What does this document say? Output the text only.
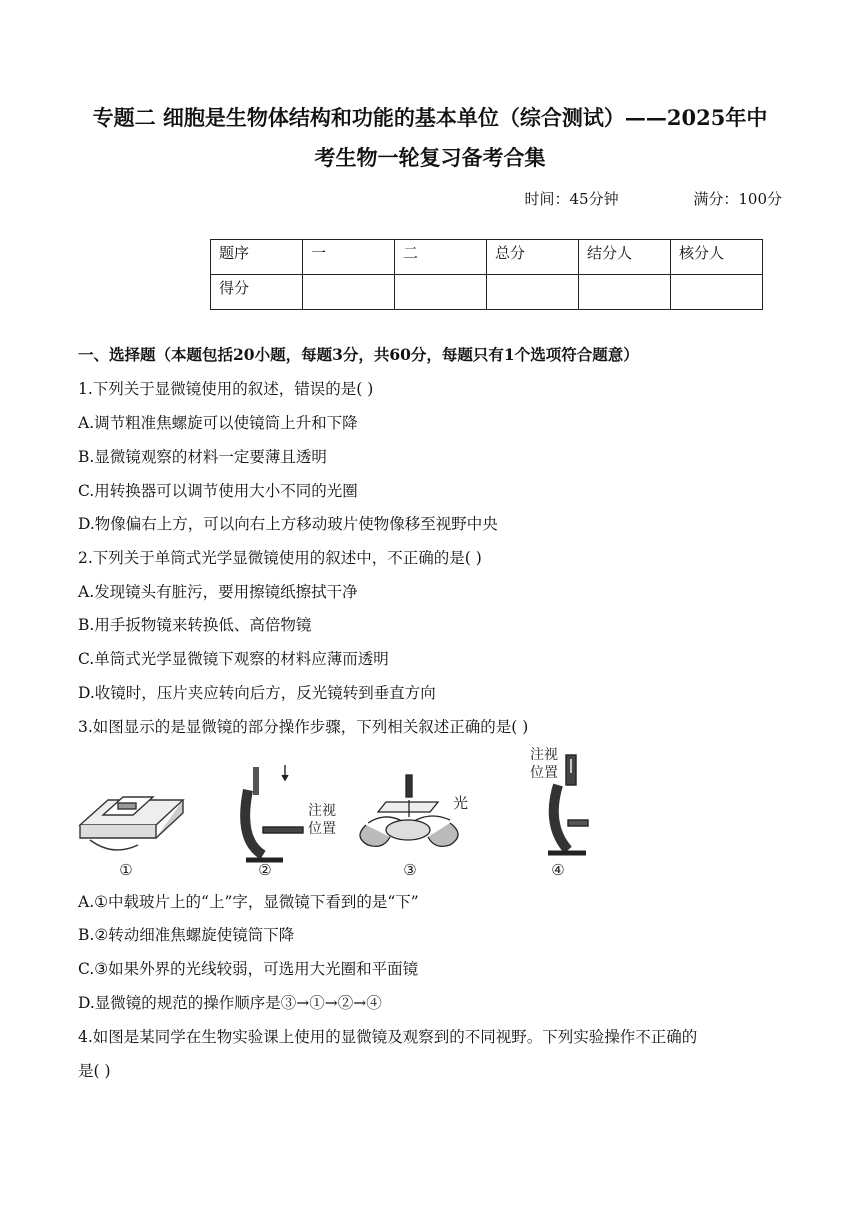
专题二 细胞是生物体结构和功能的基本单位（综合测试）——2025年中
考生物一轮复习备考合集
时间：45分钟	满分：100分
题序	一	二	总分	结分人	核分人
得分					
一、选择题（本题包括20小题，每题3分，共60分，每题只有1个选项符合题意）
1.下列关于显微镜使用的叙述，错误的是( )
A.调节粗准焦螺旋可以使镜筒上升和下降
B.显微镜观察的材料一定要薄且透明
C.用转换器可以调节使用大小不同的光圈
D.物像偏右上方，可以向右上方移动玻片使物像移至视野中央
2.下列关于单筒式光学显微镜使用的叙述中，不正确的是( )
A.发现镜头有脏污，要用擦镜纸擦拭干净
B.用手扳物镜来转换低、高倍物镜
C.单筒式光学显微镜下观察的材料应薄而透明
D.收镜时，压片夹应转向后方，反光镜转到垂直方向
3.如图显示的是显微镜的部分操作步骤，下列相关叙述正确的是( )
①
注视
位置
②
光
③
注视
位置
④
A.①中载玻片上的“上”字，显微镜下看到的是“下”
B.②转动细准焦螺旋使镜筒下降
C.③如果外界的光线较弱，可选用大光圈和平面镜
D.显微镜的规范的操作顺序是③→①→②→④
4.如图是某同学在生物实验课上使用的显微镜及观察到的不同视野。下列实验操作不正确的
是( )
